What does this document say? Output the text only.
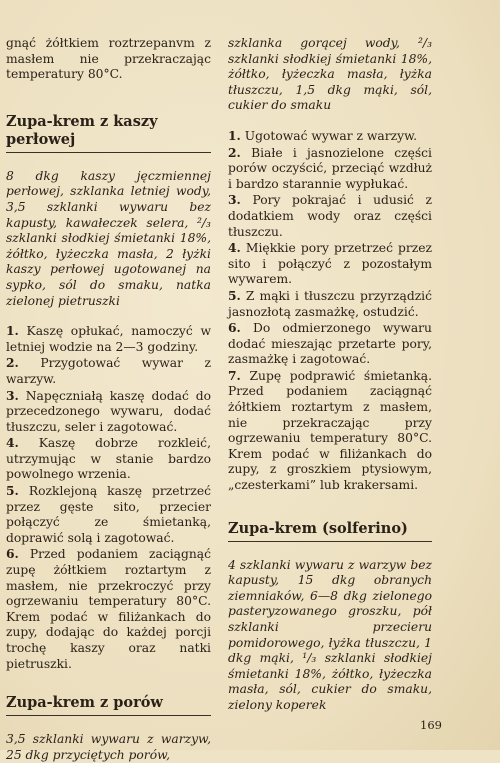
gnąć żółtkiem roztrzepanvm z masłem nie przekraczając temperatury 80°C.

Zupa-krem z kaszy perłowej

8 dkg kaszy jęczmiennej perłowej, szklanka letniej wody, 3,5 szklanki wywaru bez kapusty, kawałeczek selera, ²/₃ szklanki słodkiej śmietanki 18%, żółtko, łyżeczka masła, 2 łyżki kaszy perłowej ugotowanej na sypko, sól do smaku, natka zielonej pietruszki

1. Kaszę opłukać, namoczyć w letniej wodzie na 2—3 godziny.

2. Przygotować wywar z warzyw.

3. Napęczniałą kaszę dodać do przecedzonego wywaru, dodać tłuszczu, seler i zagotować.

4. Kaszę dobrze rozkleić, utrzymując w stanie bardzo powolnego wrzenia.

5. Rozklejoną kaszę przetrzeć przez gęste sito, przecier połączyć ze śmietanką, doprawić solą i zagotować.

6. Przed podaniem zaciągnąć zupę żółtkiem roztartym z masłem, nie przekroczyć przy ogrzewaniu temperatury 80°C. Krem podać w filiżankach do zupy, dodając do każdej porcji trochę kaszy oraz natki pietruszki.

Zupa-krem z porów

3,5 szklanki wywaru z warzyw, 25 dkg przyciętych porów,

szklanka gorącej wody, ²/₃ szklanki słodkiej śmietanki 18%, żółtko, łyżeczka masła, łyżka tłuszczu, 1,5 dkg mąki, sól, cukier do smaku

1. Ugotować wywar z warzyw.

2. Białe i jasnozielone części porów oczyścić, przeciąć wzdłuż i bardzo starannie wypłukać.

3. Pory pokrajać i udusić z dodatkiem wody oraz części tłuszczu.

4. Miękkie pory przetrzeć przez sito i połączyć z pozostałym wywarem.

5. Z mąki i tłuszczu przyrządzić jasnozłotą zasmażkę, ostudzić.

6. Do odmierzonego wywaru dodać mieszając przetarte pory, zasmażkę i zagotować.

7. Zupę podprawić śmietanką. Przed podaniem zaciągnąć żółtkiem roztartym z masłem, nie przekraczając przy ogrzewaniu temperatury 80°C. Krem podać w filiżankach do zupy, z groszkiem ptysiowym, „czesterkami” lub krakersami.

Zupa-krem (solferino)

4 szklanki wywaru z warzyw bez kapusty, 15 dkg obranych ziemniaków, 6—8 dkg zielonego pasteryzowanego groszku, pół szklanki przecieru pomidorowego, łyżka tłuszczu, 1 dkg mąki, ¹/₃ szklanki słodkiej śmietanki 18%, żółtko, łyżeczka masła, sól, cukier do smaku, zielony koperek

169
